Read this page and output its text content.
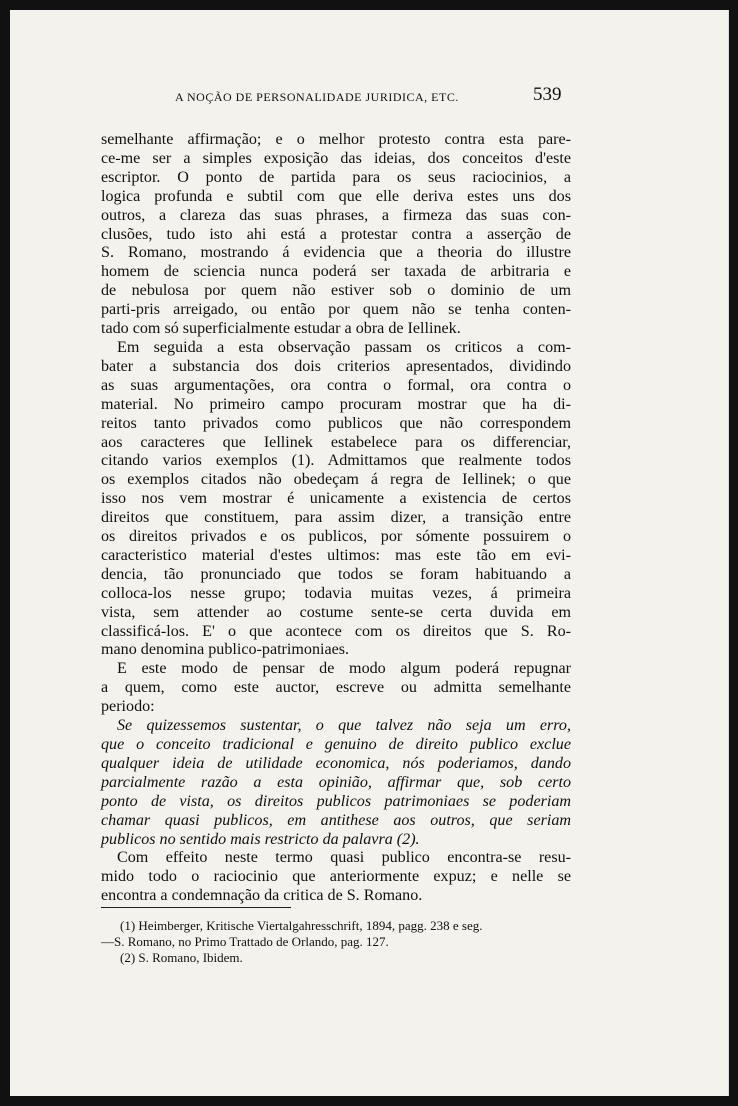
A NOÇÃO DE PERSONALIDADE JURIDICA, ETC.	539
semelhante affirmação; e o melhor protesto contra esta pare-
ce-me ser a simples exposição das ideias, dos conceitos d'este
escriptor. O ponto de partida para os seus raciocinios, a
logica profunda e subtil com que elle deriva estes uns dos
outros, a clareza das suas phrases, a firmeza das suas con-
clusões, tudo isto ahi está a protestar contra a asserção de
S. Romano, mostrando á evidencia que a theoria do illustre
homem de sciencia nunca poderá ser taxada de arbitraria e
de nebulosa por quem não estiver sob o dominio de um
parti-pris arreigado, ou então por quem não se tenha conten-
tado com só superficialmente estudar a obra de Iellinek.
Em seguida a esta observação passam os criticos a com-
bater a substancia dos dois criterios apresentados, dividindo
as suas argumentações, ora contra o formal, ora contra o
material. No primeiro campo procuram mostrar que ha di-
reitos tanto privados como publicos que não correspondem
aos caracteres que Iellinek estabelece para os differenciar,
citando varios exemplos (1). Admittamos que realmente todos
os exemplos citados não obedeçam á regra de Iellinek; o que
isso nos vem mostrar é unicamente a existencia de certos
direitos que constituem, para assim dizer, a transição entre
os direitos privados e os publicos, por sómente possuirem o
caracteristico material d'estes ultimos: mas este tão em evi-
dencia, tão pronunciado que todos se foram habituando a
colloca-los nesse grupo; todavia muitas vezes, á primeira
vista, sem attender ao costume sente-se certa duvida em
classificá-los. E' o que acontece com os direitos que S. Ro-
mano denomina publico-patrimoniaes.
E este modo de pensar de modo algum poderá repugnar
a quem, como este auctor, escreve ou admitta semelhante
periodo:
Se quizessemos sustentar, o que talvez não seja um erro,
que o conceito tradicional e genuino de direito publico exclue
qualquer ideia de utilidade economica, nós poderiamos, dando
parcialmente razão a esta opinião, affirmar que, sob certo
ponto de vista, os direitos publicos patrimoniaes se poderiam
chamar quasi publicos, em antithese aos outros, que seriam
publicos no sentido mais restricto da palavra (2).
Com effeito neste termo quasi publico encontra-se resu-
mido todo o raciocinio que anteriormente expuz; e nelle se
encontra a condemnação da critica de S. Romano.
(1) Heimberger, Kritische Viertalgahresschrift, 1894, pagg. 238 e seg.
—S. Romano, no Primo Trattado de Orlando, pag. 127.
(2) S. Romano, Ibidem.
